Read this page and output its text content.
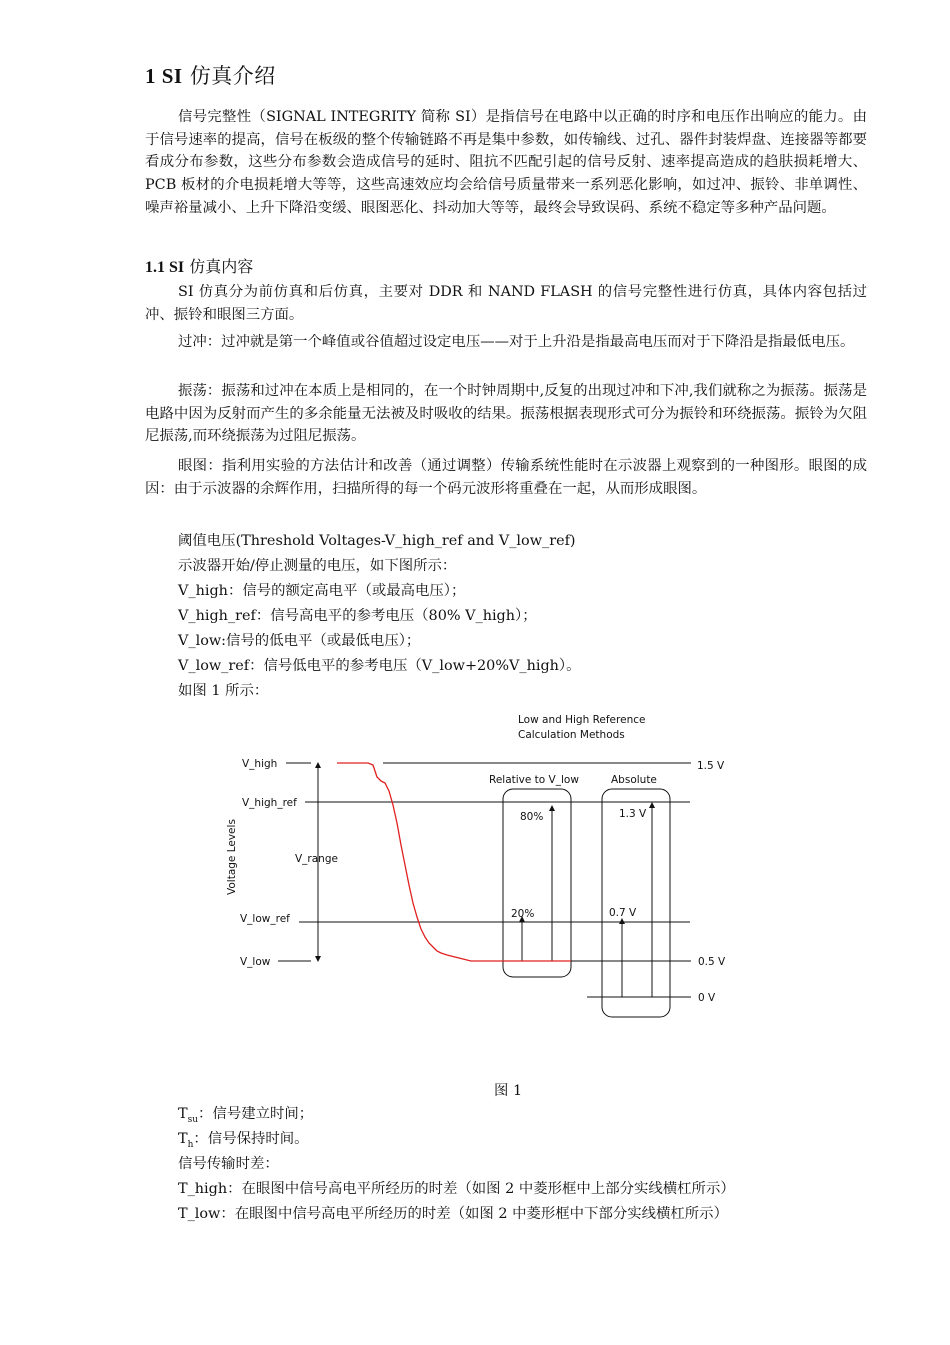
1 SI 仿真介绍

信号完整性（SIGNAL INTEGRITY 简称 SI）是指信号在电路中以正确的时序和电压作出响应的能力。由于信号速率的提高，信号在板级的整个传输链路不再是集中参数，如传输线、过孔、器件封装焊盘、连接器等都要看成分布参数，这些分布参数会造成信号的延时、阻抗不匹配引起的信号反射、速率提高造成的趋肤损耗增大、PCB 板材的介电损耗增大等等，这些高速效应均会给信号质量带来一系列恶化影响，如过冲、振铃、非单调性、噪声裕量减小、上升下降沿变缓、眼图恶化、抖动加大等等，最终会导致误码、系统不稳定等多种产品问题。

1.1 SI 仿真内容

SI 仿真分为前仿真和后仿真，主要对 DDR 和 NAND FLASH 的信号完整性进行仿真，具体内容包括过冲、振铃和眼图三方面。

过冲：过冲就是第一个峰值或谷值超过设定电压——对于上升沿是指最高电压而对于下降沿是指最低电压。

振荡：振荡和过冲在本质上是相同的，在一个时钟周期中,反复的出现过冲和下冲,我们就称之为振荡。振荡是电路中因为反射而产生的多余能量无法被及时吸收的结果。振荡根据表现形式可分为振铃和环绕振荡。振铃为欠阻尼振荡,而环绕振荡为过阻尼振荡。

眼图：指利用实验的方法估计和改善（通过调整）传输系统性能时在示波器上观察到的一种图形。眼图的成因：由于示波器的余辉作用，扫描所得的每一个码元波形将重叠在一起，从而形成眼图。

阈值电压(Threshold Voltages-V_high_ref and V_low_ref)
示波器开始/停止测量的电压，如下图所示：
V_high：信号的额定高电平（或最高电压）；
V_high_ref：信号高电平的参考电压（80% V_high）；
V_low:信号的低电平（或最低电压）；
V_low_ref：信号低电平的参考电压（V_low+20%V_high）。
如图 1 所示：
Low and High Reference
Calculation Methods
V_high
V_high_ref
V_range
V_low_ref
V_low
Voltage Levels
Relative to V_low	Absolute
80%
20%
1.3 V
0.7 V
1.5 V
0.5 V
0 V
图 1
$T_{su}$：信号建立时间；
$T_h$：信号保持时间。
信号传输时差：
T_high：在眼图中信号高电平所经历的时差（如图 2 中菱形框中上部分实线横杠所示）
T_low：在眼图中信号高电平所经历的时差（如图 2 中菱形框中下部分实线横杠所示）
